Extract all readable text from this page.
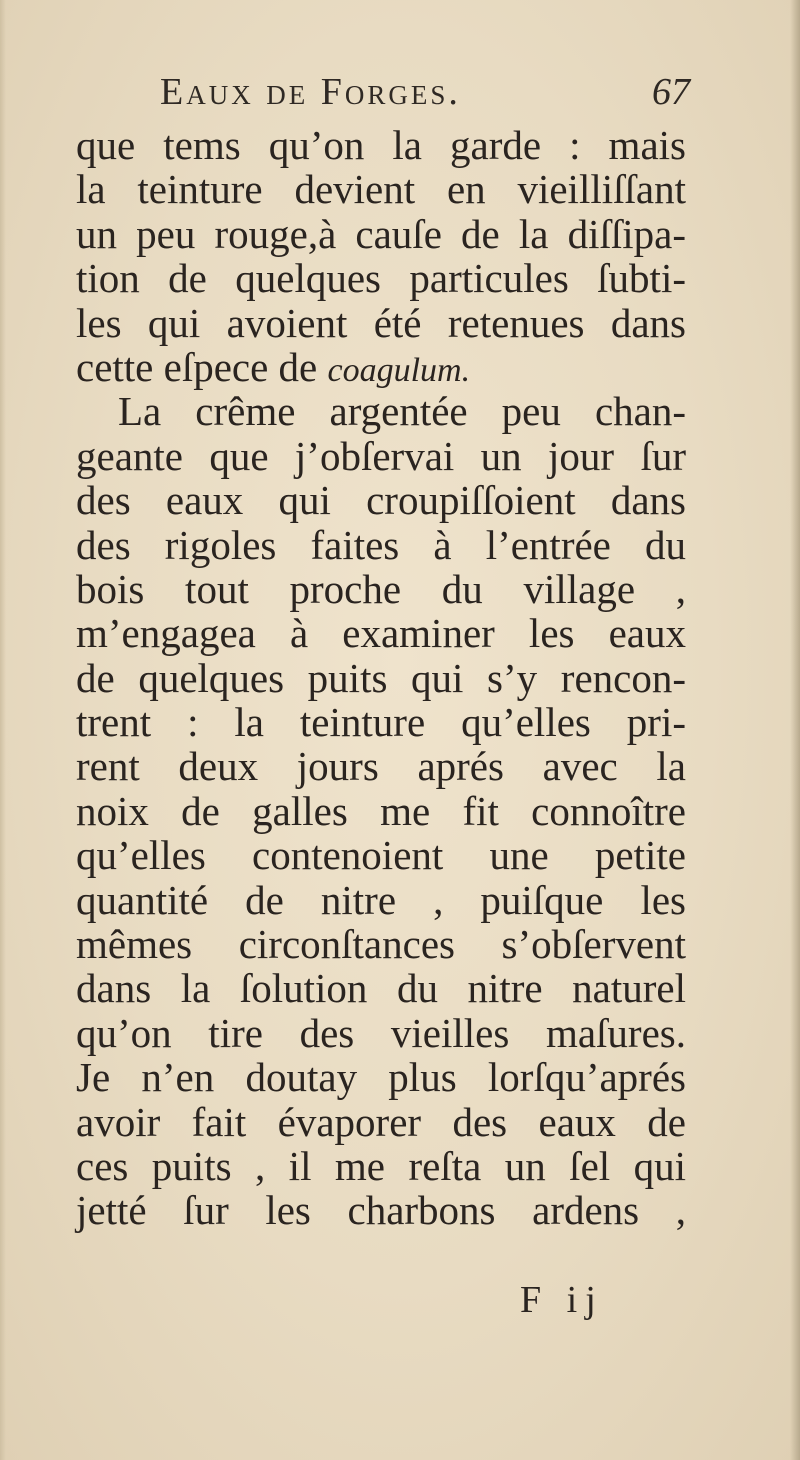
Eaux de Forges.	67
que tems qu’on la garde : mais
la teinture devient en vieilliſſant
un peu rouge,à cauſe de la diſſipa-
tion de quelques particules ſubti-
les qui avoient été retenues dans
cette eſpece de coagulum.
La crême argentée peu chan-
geante que j’obſervai un jour ſur
des eaux qui croupiſſoient dans
des rigoles faites à l’entrée du
bois tout proche du village ,
m’engagea à examiner les eaux
de quelques puits qui s’y rencon-
trent : la teinture qu’elles pri-
rent deux jours aprés avec la
noix de galles me fit connoître
qu’elles contenoient une petite
quantité de nitre , puiſque les
mêmes circonſtances s’obſervent
dans la ſolution du nitre naturel
qu’on tire des vieilles maſures.
Je n’en doutay plus lorſqu’aprés
avoir fait évaporer des eaux de
ces puits , il me reſta un ſel qui
jetté ſur les charbons ardens ,
F ij
